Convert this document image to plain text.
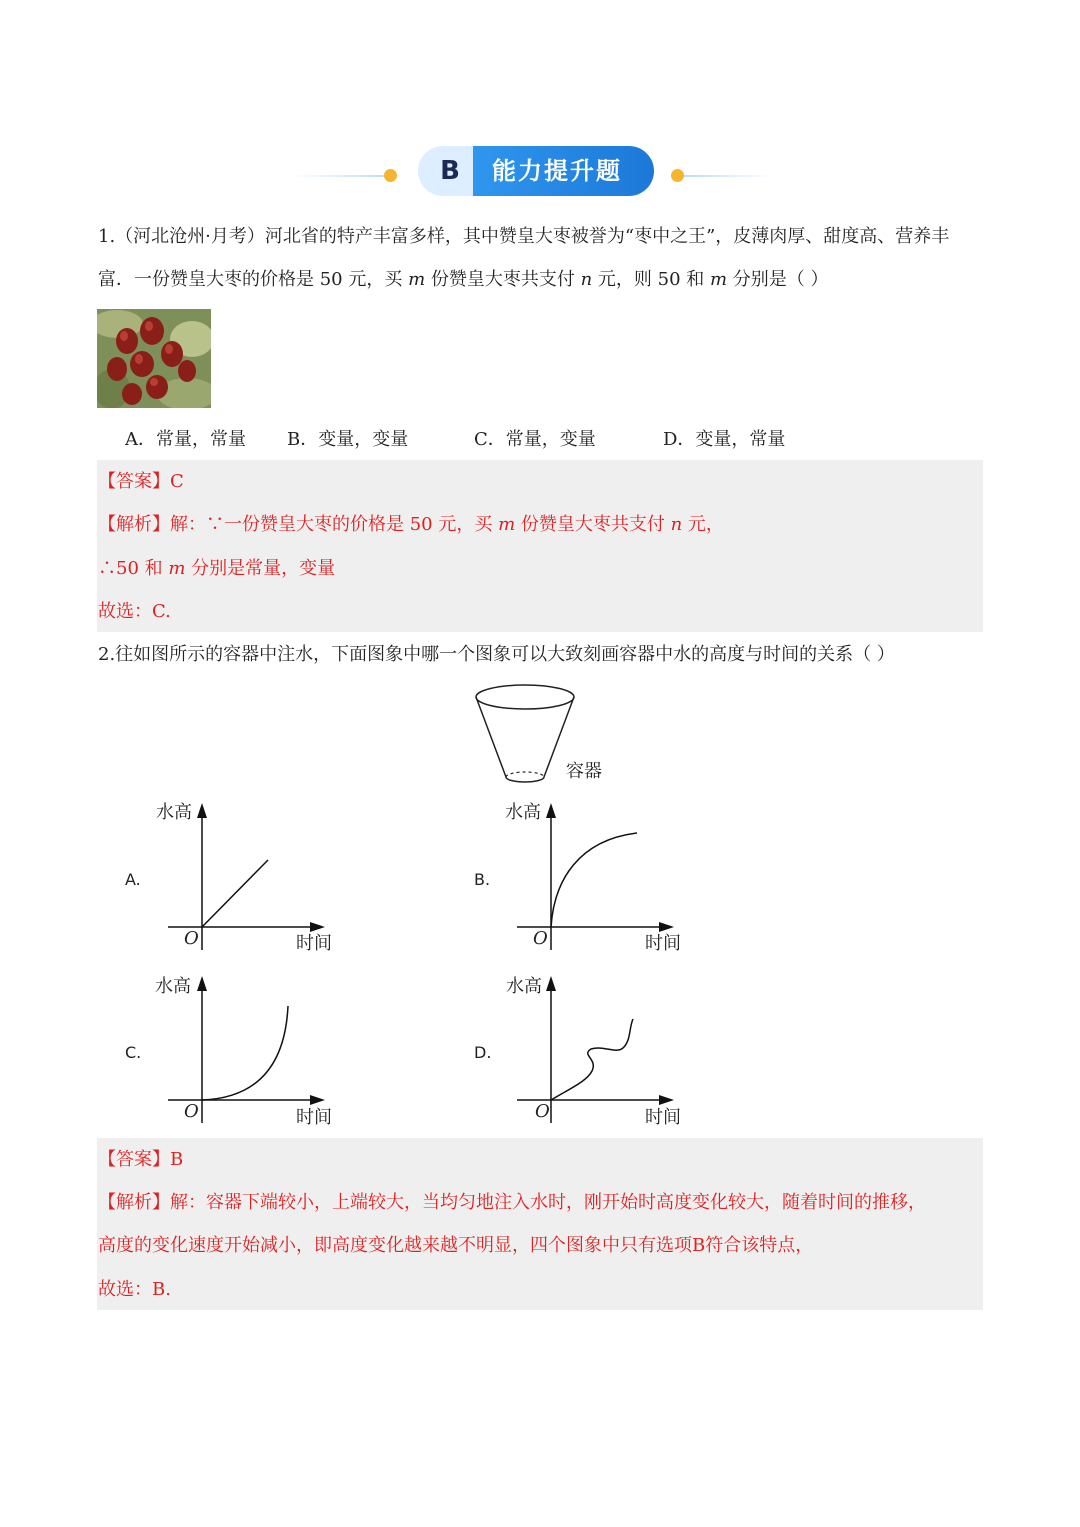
B	能力提升题
1.（河北沧州·月考）河北省的特产丰富多样，其中赞皇大枣被誉为“枣中之王”，皮薄肉厚、甜度高、营养丰
富．一份赞皇大枣的价格是 50 元，买 m 份赞皇大枣共支付 n 元，则 50 和 m 分别是（ ）
A．常量，常量 B．变量，变量	C．常量，变量	D．变量，常量
【答案】C
【解析】解：∵一份赞皇大枣的价格是 50 元，买 m 份赞皇大枣共支付 n 元，
∴50 和 m 分别是常量，变量
故选：C.
2.往如图所示的容器中注水，下面图象中哪一个图象可以大致刻画容器中水的高度与时间的关系（ ）
容器
A.
水高
O	时间
B.
水高
O	时间
C.
水高
O	时间
D.
水高
O	时间
【答案】B
【解析】解：容器下端较小，上端较大，当均匀地注入水时，刚开始时高度变化较大，随着时间的推移，
高度的变化速度开始减小，即高度变化越来越不明显，四个图象中只有选项B符合该特点，
故选：B.
